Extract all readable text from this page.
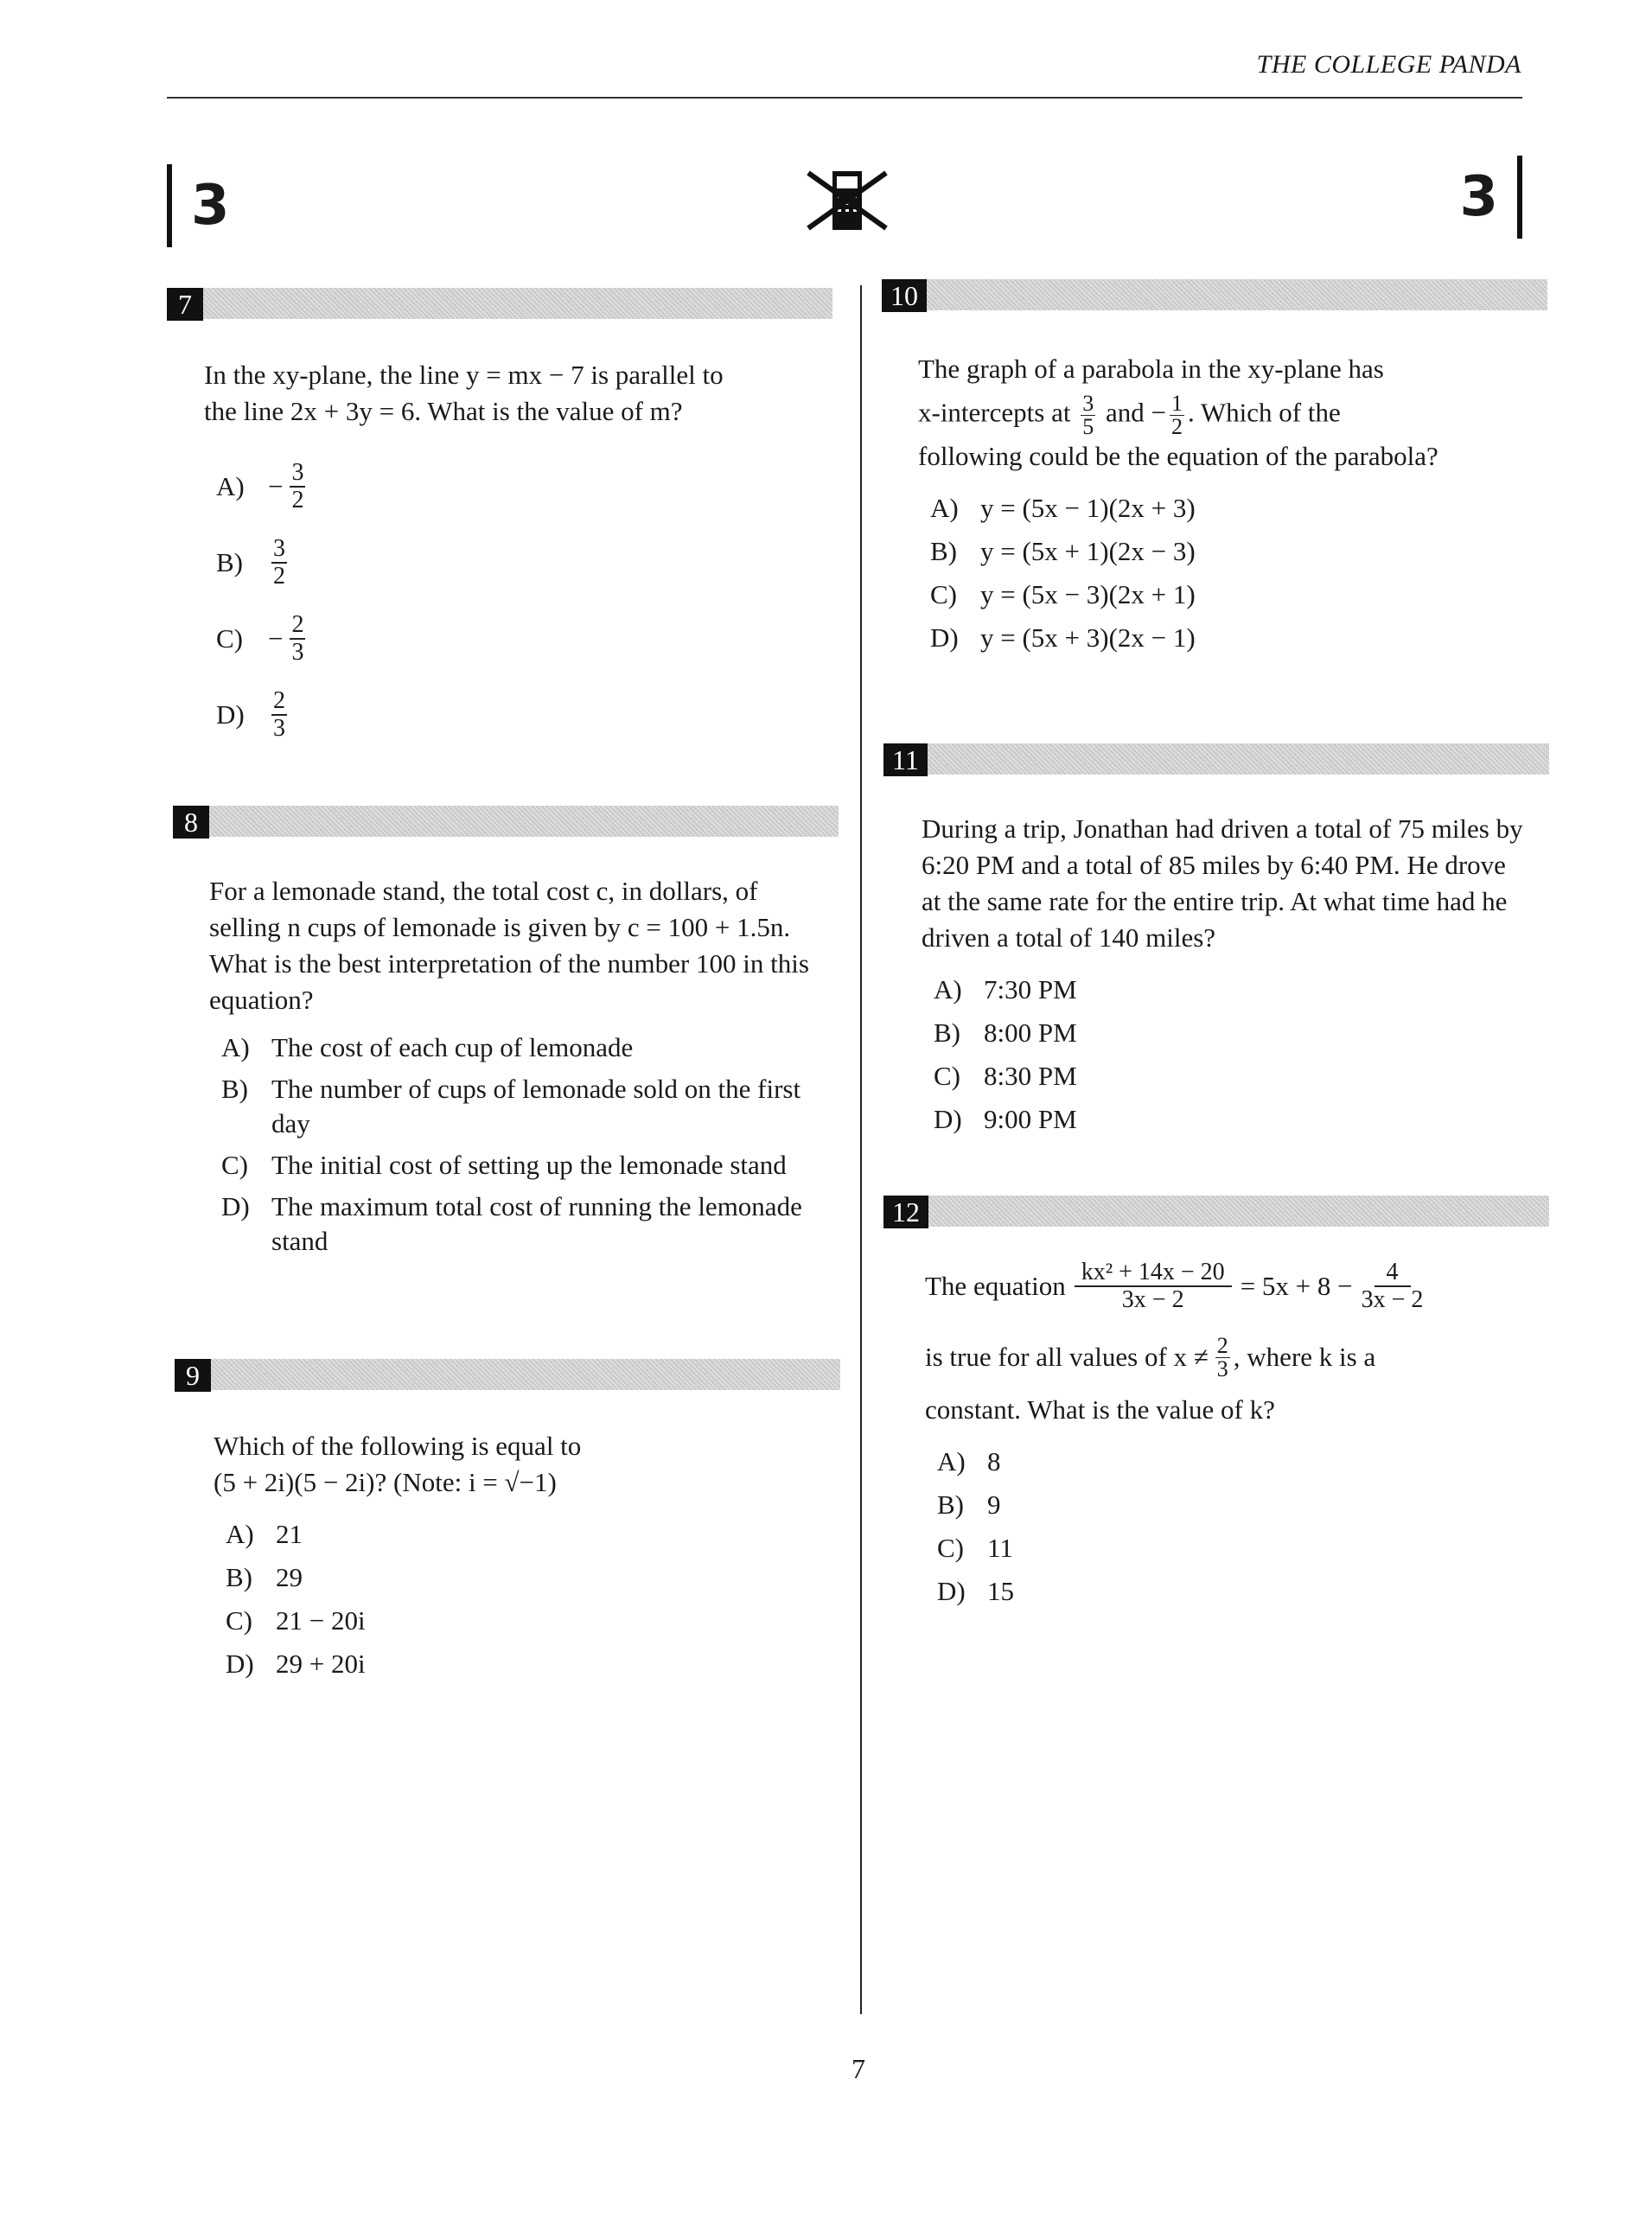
THE COLLEGE PANDA
3	3
7

In the xy-plane, the line y = mx − 7 is parallel to

the line 2x + 3y = 6. What is the value of m?

$A) - \frac{3}{2}$
B)	$\frac{3}{2}$
$C) - \frac{2}{3}$
D)	$\frac{2}{3}$
8

For a lemonade stand, the total cost c, in dollars, of selling n cups of lemonade is given by c = 100 + 1.5n. What is the best interpretation of the number 100 in this equation?

A) The cost of each cup of lemonade
B) The number of cups of lemonade sold on the first day
C) The initial cost of setting up the lemonade stand
D) The maximum total cost of running the lemonade stand
9

Which of the following is equal to

(5 + 2i)(5 − 2i)? (Note: i = √−1)

A) 21
B) 29
C) 21 − 20i
D) 29 + 20i
10

The graph of a parabola in the xy-plane has

x-intercepts at $\frac{3}{5}$ and − $\frac{1}{2}$ . Which of the

following could be the equation of the parabola?

A) y = (5x − 1)(2x + 3)
B) y = (5x + 1)(2x − 3)
C) y = (5x − 3)(2x + 1)
D) y = (5x + 3)(2x − 1)
11

During a trip, Jonathan had driven a total of 75 miles by 6:20 PM and a total of 85 miles by 6:40 PM. He drove at the same rate for the entire trip. At what time had he driven a total of 140 miles?

A) 7:30 PM
B) 8:00 PM
C) 8:30 PM
D) 9:00 PM
12

The equation $\frac{\text{kx² + 14x − 20}}{3x - 2} = 5x + 8 - \frac{4}{3x - 2}$

is true for all values of $x \ne \frac{2}{3}$ , where k is a

constant. What is the value of k?

A) 8
B) 9
C) 11
D) 15
7
